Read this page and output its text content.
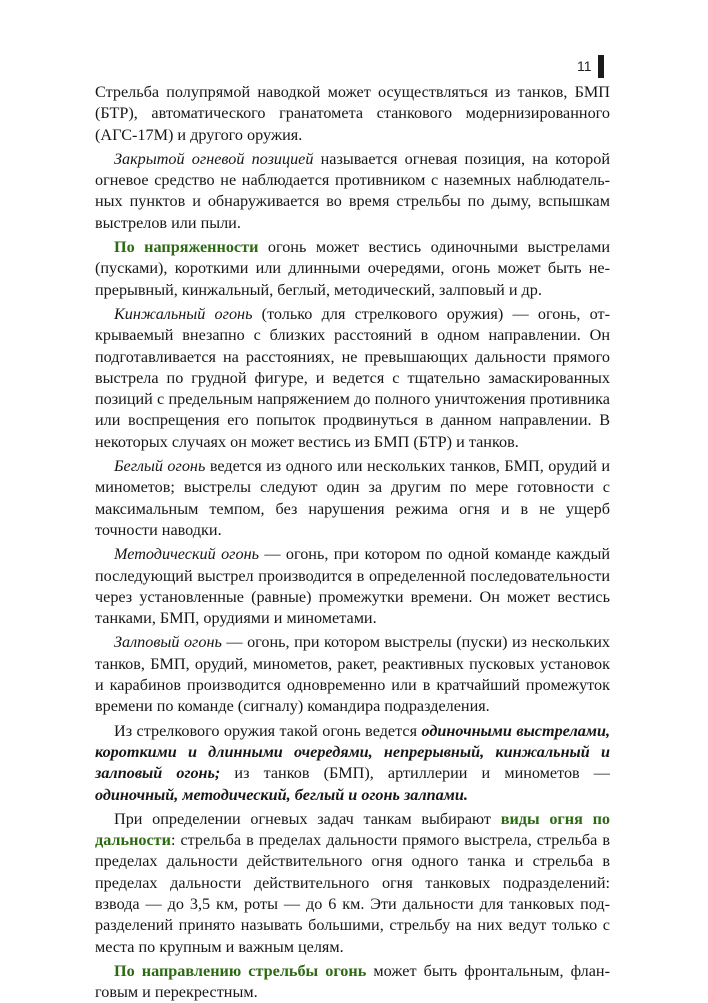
11

Стрельба полупрямой наводкой может осуществляться из танков, БМП (БТР), автоматического гранатомета станкового модернизированного (АГС-17М) и другого оружия.

Закрытой огневой позицией называется огневая позиция, на которой огневое средство не наблюдается противником с наземных наблюдательных пунктов и обнаруживается во время стрельбы по дыму, вспышкам выстрелов или пыли.

По напряженности огонь может вестись одиночными выстрелами (пусками), короткими или длинными очередями, огонь может быть непрерывный, кинжальный, беглый, методический, залповый и др.

Кинжальный огонь (только для стрелкового оружия) — огонь, открываемый внезапно с близких расстояний в одном направлении. Он подготавливается на расстояниях, не превышающих дальности прямого выстрела по грудной фигуре, и ведется с тщательно замаскированных позиций с предельным напряжением до полного уничтожения противника или воспрещения его попыток продвинуться в данном направлении. В некоторых случаях он может вестись из БМП (БТР) и танков.

Беглый огонь ведется из одного или нескольких танков, БМП, орудий и минометов; выстрелы следуют один за другим по мере готовности с максимальным темпом, без нарушения режима огня и в не ущерб точности наводки.

Методический огонь — огонь, при котором по одной команде каждый последующий выстрел производится в определенной последовательности через установленные (равные) промежутки времени. Он может вестись танками, БМП, орудиями и минометами.

Залповый огонь — огонь, при котором выстрелы (пуски) из нескольких танков, БМП, орудий, минометов, ракет, реактивных пусковых установок и карабинов производится одновременно или в кратчайший промежуток времени по команде (сигналу) командира подразделения.

Из стрелкового оружия такой огонь ведется одиночными выстрелами, короткими и длинными очередями, непрерывный, кинжальный и залповый огонь; из танков (БМП), артиллерии и минометов — одиночный, методический, беглый и огонь залпами.

При определении огневых задач танкам выбирают виды огня по дальности: стрельба в пределах дальности прямого выстрела, стрельба в пределах дальности действительного огня одного танка и стрельба в пределах дальности действительного огня танковых подразделений: взвода — до 3,5 км, роты — до 6 км. Эти дальности для танковых подразделений принято называть большими, стрельбу на них ведут только с места по крупным и важным целям.

По направлению стрельбы огонь может быть фронтальным, фланговым и перекрестным.
